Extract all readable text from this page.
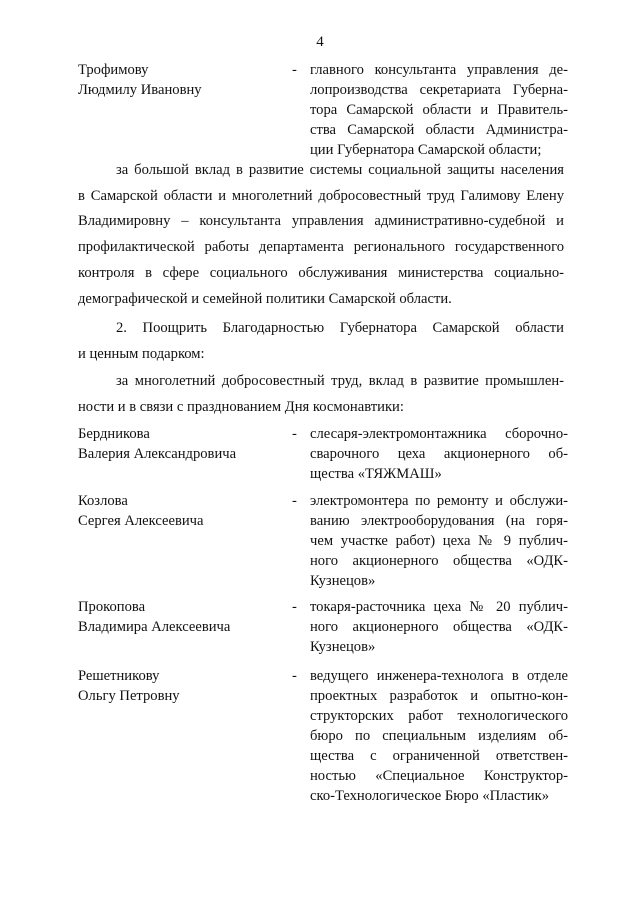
4
Трофимову
Людмилу Ивановну
- главного консультанта управления де-
лопроизводства секретариата Губерна-
тора Самарской области и Правитель-
ства Самарской области Администра-
ции Губернатора Самарской области;
за большой вклад в развитие системы социальной защиты населения
в Самарской области и многолетний добросовестный труд Галимову Елену
Владимировну – консультанта управления административно-судебной и
профилактической работы департамента регионального государственного
контроля в сфере социального обслуживания министерства социально-
демографической и семейной политики Самарской области.
2. Поощрить Благодарностью Губернатора Самарской области
и ценным подарком:
за многолетний добросовестный труд, вклад в развитие промышлен-
ности и в связи с празднованием Дня космонавтики:
Бердникова
Валерия Александровича
- слесаря-электромонтажника сборочно-
сварочного цеха акционерного об-
щества «ТЯЖМАШ»
Козлова
Сергея Алексеевича
- электромонтера по ремонту и обслужи-
ванию электрооборудования (на горя-
чем участке работ) цеха № 9 публич-
ного акционерного общества «ОДК-
Кузнецов»
Прокопова
Владимира Алексеевича
- токаря-расточника цеха № 20 публич-
ного акционерного общества «ОДК-
Кузнецов»
Решетникову
Ольгу Петровну
- ведущего инженера-технолога в отделе
проектных разработок и опытно-кон-
структорских работ технологического
бюро по специальным изделиям об-
щества с ограниченной ответствен-
ностью «Специальное Конструктор-
ско-Технологическое Бюро «Пластик»
